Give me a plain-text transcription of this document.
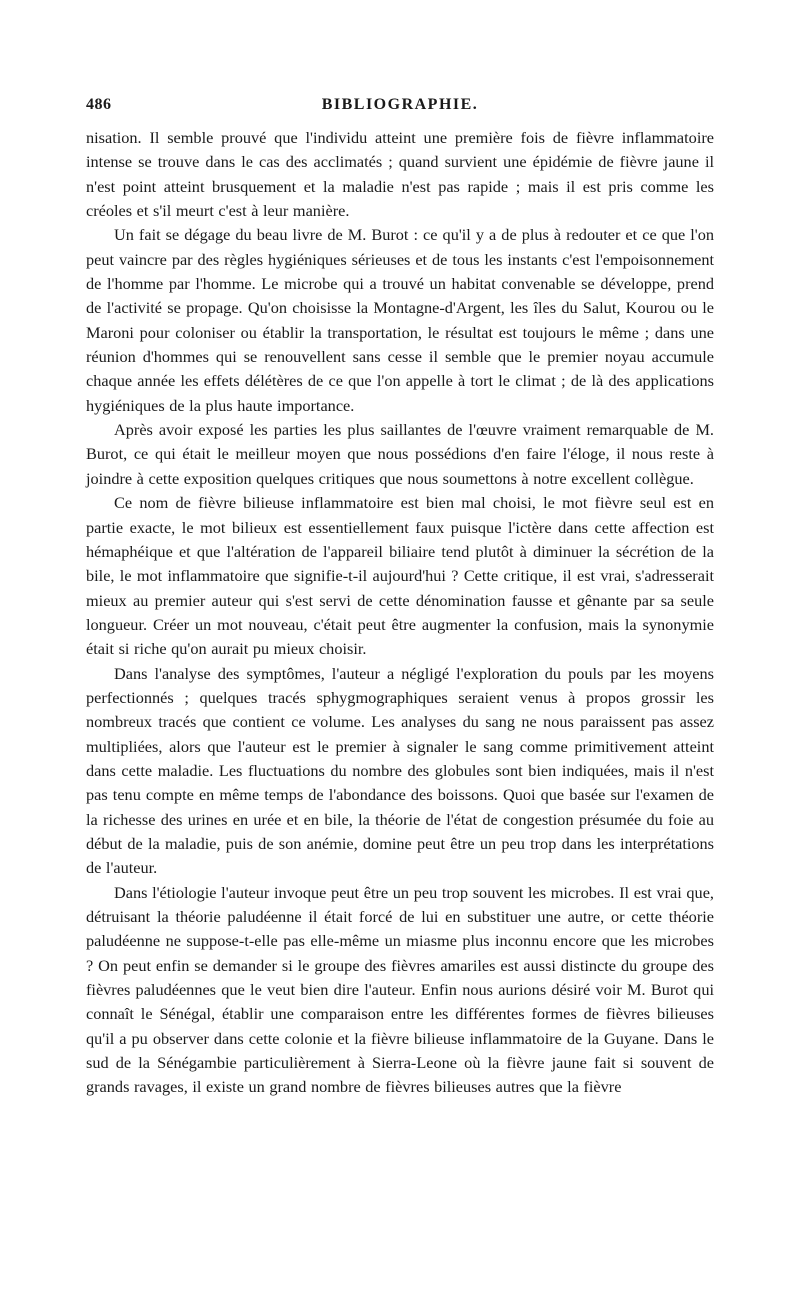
486	BIBLIOGRAPHIE.

nisation. Il semble prouvé que l'individu atteint une première fois de fièvre inflammatoire intense se trouve dans le cas des acclimatés ; quand survient une épidémie de fièvre jaune il n'est point atteint brusquement et la maladie n'est pas rapide ; mais il est pris comme les créoles et s'il meurt c'est à leur manière.

Un fait se dégage du beau livre de M. Burot : ce qu'il y a de plus à redouter et ce que l'on peut vaincre par des règles hygiéniques sérieuses et de tous les instants c'est l'empoisonnement de l'homme par l'homme. Le microbe qui a trouvé un habitat convenable se développe, prend de l'activité se propage. Qu'on choisisse la Montagne-d'Argent, les îles du Salut, Kourou ou le Maroni pour coloniser ou établir la transportation, le résultat est toujours le même ; dans une réunion d'hommes qui se renouvellent sans cesse il semble que le premier noyau accumule chaque année les effets délétères de ce que l'on appelle à tort le climat ; de là des applications hygiéniques de la plus haute importance.

Après avoir exposé les parties les plus saillantes de l'œuvre vraiment remarquable de M. Burot, ce qui était le meilleur moyen que nous possédions d'en faire l'éloge, il nous reste à joindre à cette exposition quelques critiques que nous soumettons à notre excellent collègue.

Ce nom de fièvre bilieuse inflammatoire est bien mal choisi, le mot fièvre seul est en partie exacte, le mot bilieux est essentiellement faux puisque l'ictère dans cette affection est hémaphéique et que l'altération de l'appareil biliaire tend plutôt à diminuer la sécrétion de la bile, le mot inflammatoire que signifie-t-il aujourd'hui ? Cette critique, il est vrai, s'adresserait mieux au premier auteur qui s'est servi de cette dénomination fausse et gênante par sa seule longueur. Créer un mot nouveau, c'était peut être augmenter la confusion, mais la synonymie était si riche qu'on aurait pu mieux choisir.

Dans l'analyse des symptômes, l'auteur a négligé l'exploration du pouls par les moyens perfectionnés ; quelques tracés sphygmographiques seraient venus à propos grossir les nombreux tracés que contient ce volume. Les analyses du sang ne nous paraissent pas assez multipliées, alors que l'auteur est le premier à signaler le sang comme primitivement atteint dans cette maladie. Les fluctuations du nombre des globules sont bien indiquées, mais il n'est pas tenu compte en même temps de l'abondance des boissons. Quoi que basée sur l'examen de la richesse des urines en urée et en bile, la théorie de l'état de congestion présumée du foie au début de la maladie, puis de son anémie, domine peut être un peu trop dans les interprétations de l'auteur.

Dans l'étiologie l'auteur invoque peut être un peu trop souvent les microbes. Il est vrai que, détruisant la théorie paludéenne il était forcé de lui en substituer une autre, or cette théorie paludéenne ne suppose-t-elle pas elle-même un miasme plus inconnu encore que les microbes ? On peut enfin se demander si le groupe des fièvres amariles est aussi distincte du groupe des fièvres paludéennes que le veut bien dire l'auteur. Enfin nous aurions désiré voir M. Burot qui connaît le Sénégal, établir une comparaison entre les différentes formes de fièvres bilieuses qu'il a pu observer dans cette colonie et la fièvre bilieuse inflammatoire de la Guyane. Dans le sud de la Sénégambie particulièrement à Sierra-Leone où la fièvre jaune fait si souvent de grands ravages, il existe un grand nombre de fièvres bilieuses autres que la fièvre
